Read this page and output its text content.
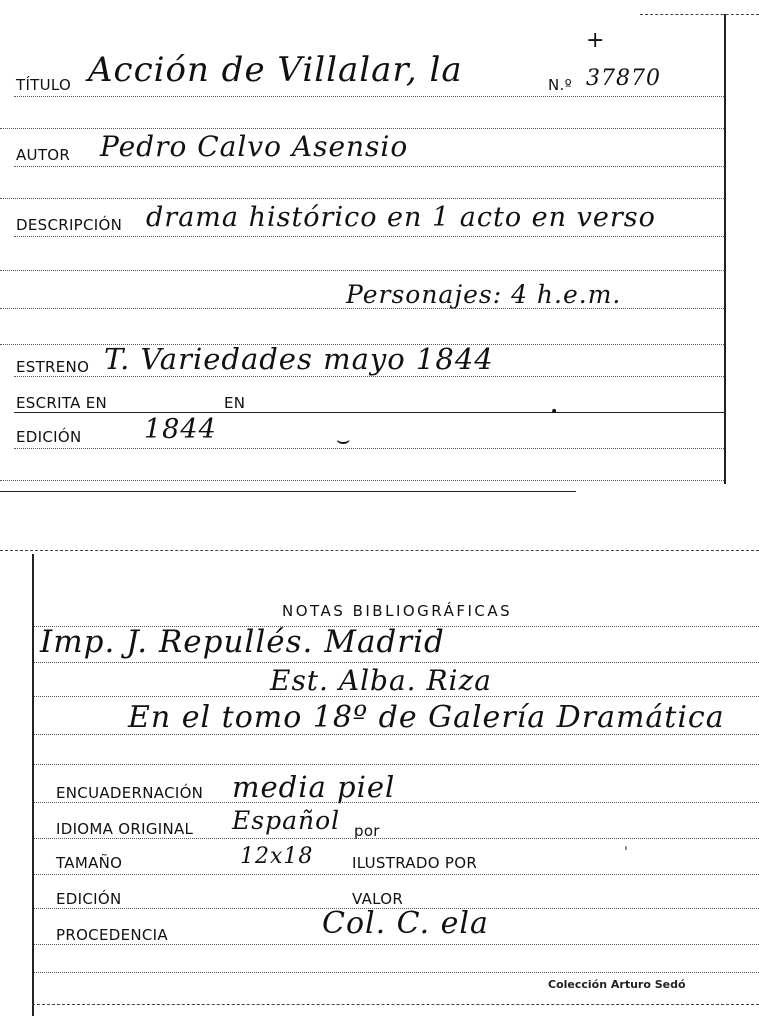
+
TÍTULO Acción de Villalar, la	N.º 37870
AUTOR Pedro Calvo Asensio
DESCRIPCIÓN drama histórico en 1 acto en verso
Personajes: 4 h.e.m.
ESTRENO T. Variedades mayo 1844
ESCRITA EN	EN	•
EDICIÓN 1844	⌣
NOTAS BIBLIOGRÁFICAS
Imp. J. Repullés. Madrid
Est. Alba. Riza
En el tomo 18º de Galería Dramática
ENCUADERNACIÓN media piel
IDIOMA ORIGINAL Español por
ˌ
TAMAÑO	12x18	ILUSTRADO POR
EDICIÓN	VALOR
PROCEDENCIA	Col. C. ela
Colección Arturo Sedó
